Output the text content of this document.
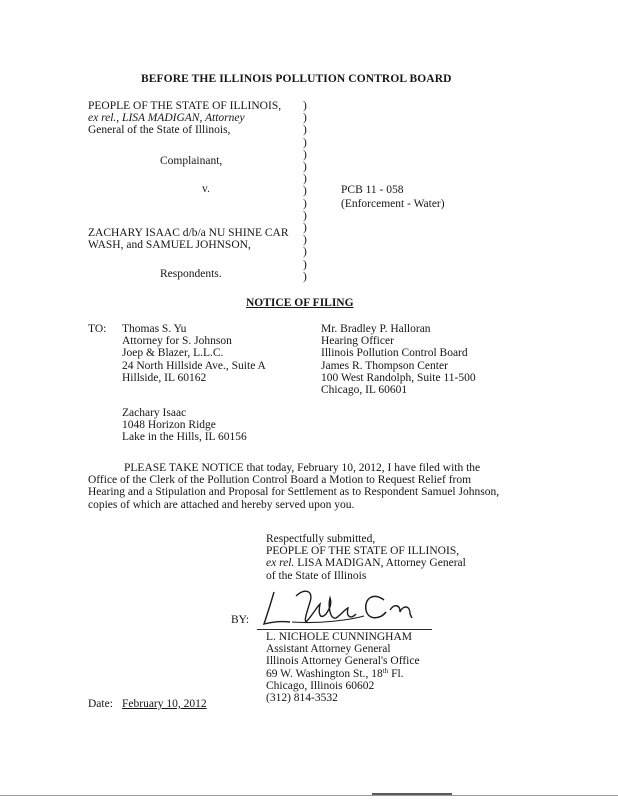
BEFORE THE ILLINOIS POLLUTION CONTROL BOARD
PEOPLE OF THE STATE OF ILLINOIS,
ex rel., LISA MADIGAN, Attorney
General of the State of Illinois,
Complainant,
v.	PCB 11 - 058
(Enforcement - Water)
ZACHARY ISAAC d/b/a NU SHINE CAR
WASH, and SAMUEL JOHNSON,
Respondents.
)
)
)
)
)
)
)
)
)
)
)
)
)
)
)
NOTICE OF FILING
TO: Thomas S. Yu
Attorney for S. Johnson
Joep & Blazer, L.L.C.
24 North Hillside Ave., Suite A
Hillside, IL 60162
Mr. Bradley P. Halloran
Hearing Officer
Illinois Pollution Control Board
James R. Thompson Center
100 West Randolph, Suite 11-500
Chicago, IL 60601
Zachary Isaac
1048 Horizon Ridge
Lake in the Hills, IL 60156
PLEASE TAKE NOTICE that today, February 10, 2012, I have filed with the
Office of the Clerk of the Pollution Control Board a Motion to Request Relief from
Hearing and a Stipulation and Proposal for Settlement as to Respondent Samuel Johnson,
copies of which are attached and hereby served upon you.
Respectfully submitted,
PEOPLE OF THE STATE OF ILLINOIS,
ex rel. LISA MADIGAN, Attorney General
of the State of Illinois
BY:
L. NICHOLE CUNNINGHAM
Assistant Attorney General
Illinois Attorney General's Office
69 W. Washington St., 18th Fl.
Chicago, Illinois 60602
(312) 814-3532
Date: February 10, 2012
